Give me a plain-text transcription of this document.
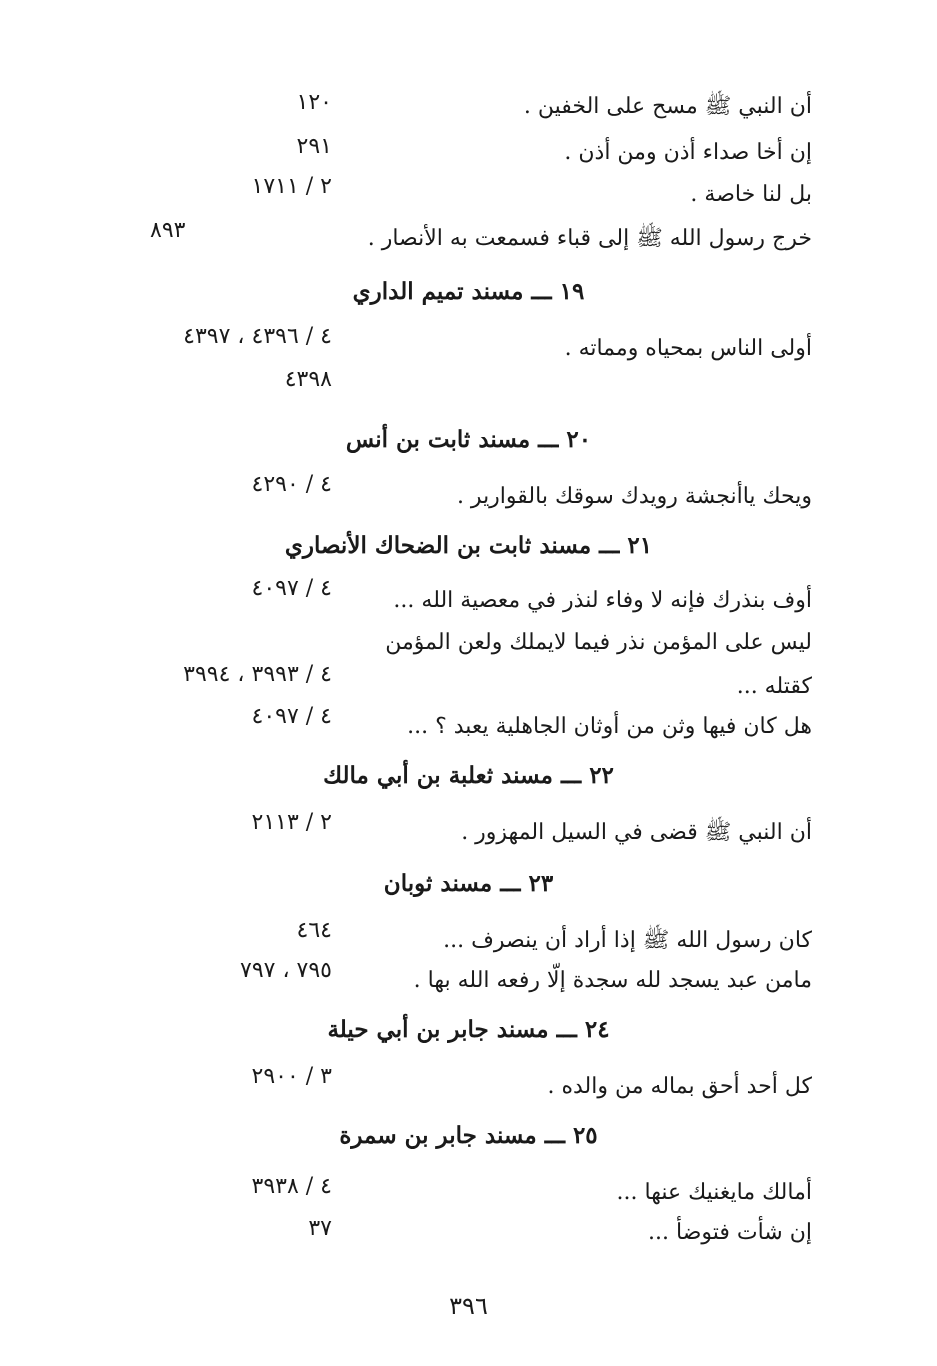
أن النبي ﷺ مسح على الخفين .
١٢٠
إن أخا صداء أذن ومن أذن .
٢٩١
بل لنا خاصة .
٢ / ١٧١١
خرج رسول الله ﷺ إلى قباء فسمعت به الأنصار .
٨٩٣
١٩ ـــ مسند تميم الداري
أولى الناس بمحياه ومماته .
٤ / ٤٣٩٦ ، ٤٣٩٧
٤٣٩٨
٢٠ ـــ مسند ثابت بن أنس
ويحك ياأنجشة رويدك سوقك بالقوارير .
٤ / ٤٢٩٠
٢١ ـــ مسند ثابت بن الضحاك الأنصاري
أوف بنذرك فإنه لا وفاء لنذر في معصية الله ...
٤ / ٤٠٩٧
ليس على المؤمن نذر فيما لايملك ولعن المؤمن
كقتله ...
٤ / ٣٩٩٣ ، ٣٩٩٤
هل كان فيها وثن من أوثان الجاهلية يعبد ؟ ...
٤ / ٤٠٩٧
٢٢ ـــ مسند ثعلبة بن أبي مالك
أن النبي ﷺ قضى في السيل المهزور .
٢ / ٢١١٣
٢٣ ـــ مسند ثوبان
كان رسول الله ﷺ إذا أراد أن ينصرف ...
٤٦٤
مامن عبد يسجد لله سجدة إلّا رفعه الله بها .
٧٩٥ ، ٧٩٧
٢٤ ـــ مسند جابر بن أبي حيلة
كل أحد أحق بماله من والده .
٣ / ٢٩٠٠
٢٥ ـــ مسند جابر بن سمرة
أمالك مايغنيك عنها ...
٤ / ٣٩٣٨
إن شأت فتوضأ ...
٣٧
٣٩٦
